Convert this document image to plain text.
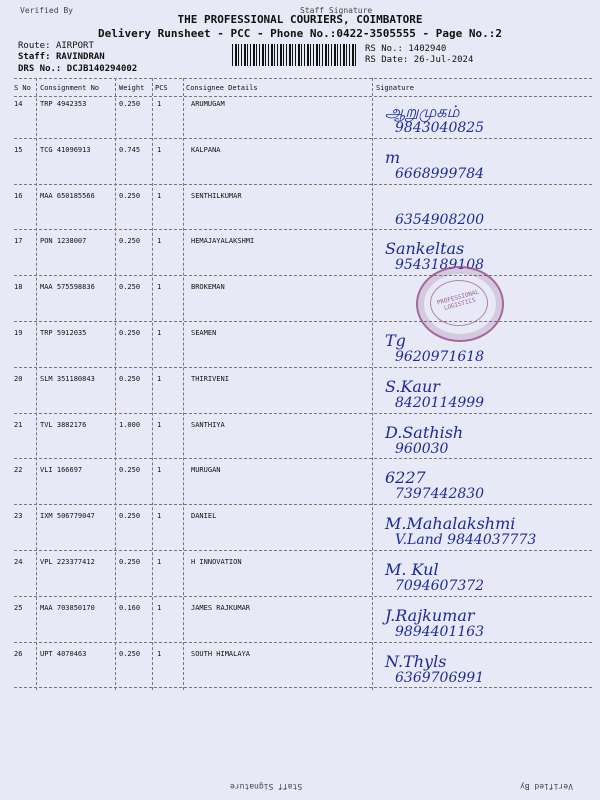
Verified By	Staff Signature
THE PROFESSIONAL COURIERS, COIMBATORE
Delivery Runsheet - PCC - Phone No.:0422-3505555 - Page No.:2
Route: AIRPORT
Staff: RAVINDRAN
DRS No.: DCJB140294002
RS No.: 1402940
RS Date: 26-Jul-2024
S No Consignment No	Weight PCS	Consignee Details	Signature
14	TRP 4942353	0.250 1	ARUMUGAM	ஆறுமுகம்
9843040825
15	TCG 41096913	0.745 1	KALPANA	m
6668999784
16	MAA 650185566	0.250 1	SENTHILKUMAR
6354908200
17	PON 1238007	0.250 1	HEMAJAYALAKSHMI	Sankeltas
9543189108
18	MAA 575598836	0.250 1	BROKEMAN
19	TRP 5912035	0.250 1	SEAMEN	Tg
9620971618
20	SLM 351180843	0.250 1	THIRIVENI	S.Kaur
8420114999
21	TVL 3882176	1.000 1	SANTHIYA	D.Sathish
960030
22	VLI 166697	0.250 1	MURUGAN	6227
7397442830
23	IXM 506779047	0.250 1	DANIEL	M.Mahalakshmi
V.Land 9844037773
24	VPL 223377412	0.250 1	H INNOVATION	M. Kul
7094607372
25	MAA 703850170	0.160 1	JAMES RAJKUMAR	J.Rajkumar
9894401163
26	UPT 4070463	0.250 1	SOUTH HIMALAYA	N.Thyls
6369706991
PROFESSIONAL LOGISTICS
Staff Signature	Verified By
